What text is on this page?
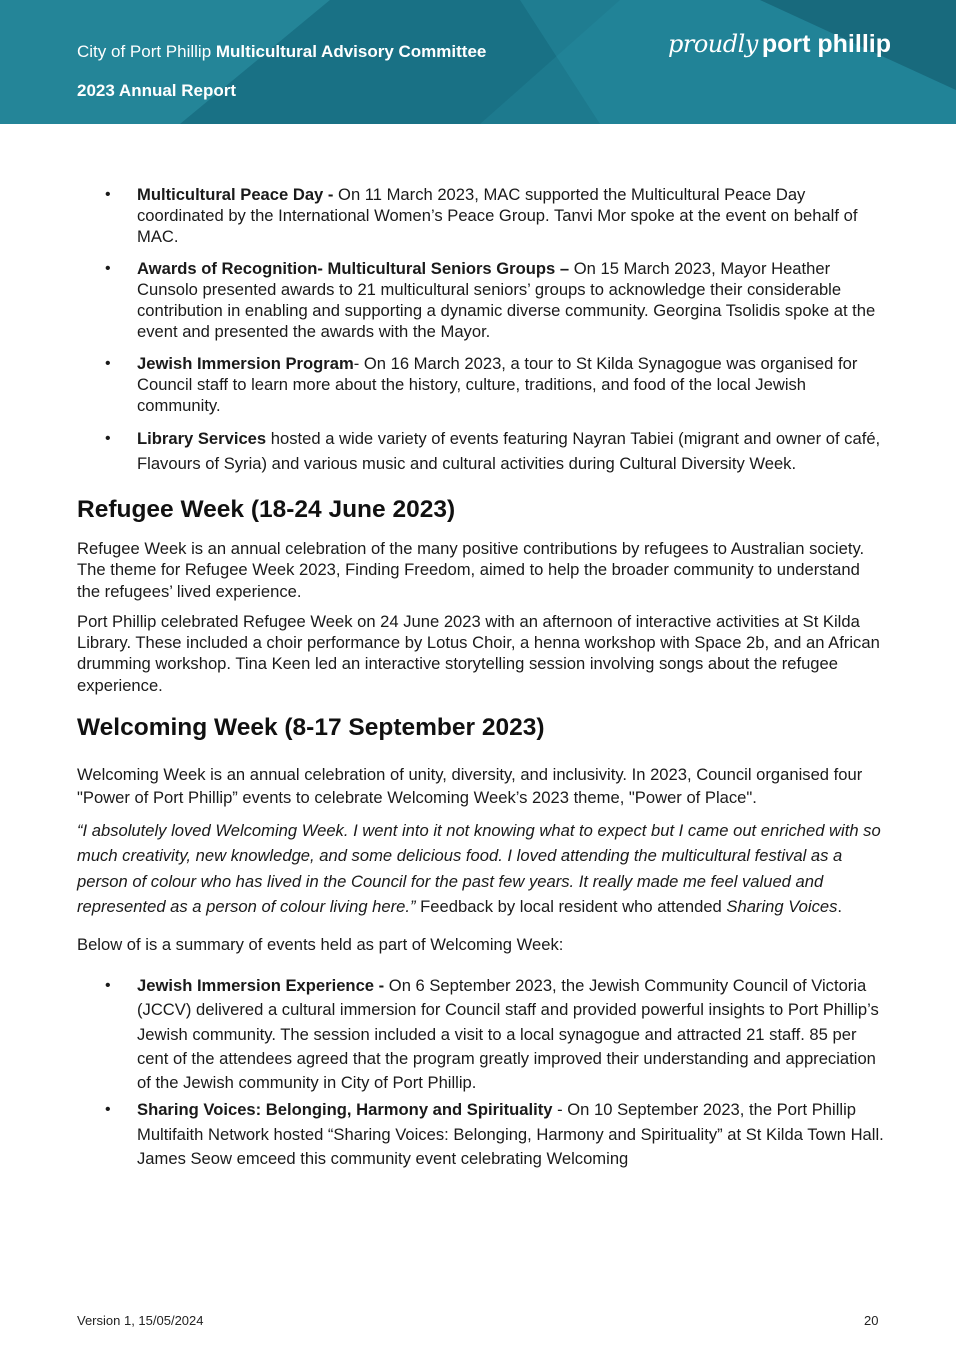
City of Port Phillip Multicultural Advisory Committee
2023 Annual Report
proudly port phillip
• Multicultural Peace Day - On 11 March 2023, MAC supported the Multicultural Peace Day coordinated by the International Women’s Peace Group. Tanvi Mor spoke at the event on behalf of MAC.
• Awards of Recognition- Multicultural Seniors Groups – On 15 March 2023, Mayor Heather Cunsolo presented awards to 21 multicultural seniors’ groups to acknowledge their considerable contribution in enabling and supporting a dynamic diverse community. Georgina Tsolidis spoke at the event and presented the awards with the Mayor.
• Jewish Immersion Program- On 16 March 2023, a tour to St Kilda Synagogue was organised for Council staff to learn more about the history, culture, traditions, and food of the local Jewish community.
• Library Services hosted a wide variety of events featuring Nayran Tabiei (migrant and owner of café, Flavours of Syria) and various music and cultural activities during Cultural Diversity Week.
Refugee Week (18-24 June 2023)

Refugee Week is an annual celebration of the many positive contributions by refugees to Australian society. The theme for Refugee Week 2023, Finding Freedom, aimed to help the broader community to understand the refugees’ lived experience.

Port Phillip celebrated Refugee Week on 24 June 2023 with an afternoon of interactive activities at St Kilda Library. These included a choir performance by Lotus Choir, a henna workshop with Space 2b, and an African drumming workshop. Tina Keen led an interactive storytelling session involving songs about the refugee experience.

Welcoming Week (8-17 September 2023)

Welcoming Week is an annual celebration of unity, diversity, and inclusivity. In 2023, Council organised four "Power of Port Phillip” events to celebrate Welcoming Week’s 2023 theme, "Power of Place".

“I absolutely loved Welcoming Week. I went into it not knowing what to expect but I came out enriched with so much creativity, new knowledge, and some delicious food. I loved attending the multicultural festival as a person of colour who has lived in the Council for the past few years. It really made me feel valued and represented as a person of colour living here.” Feedback by local resident who attended Sharing Voices.

Below of is a summary of events held as part of Welcoming Week:

• Jewish Immersion Experience - On 6 September 2023, the Jewish Community Council of Victoria (JCCV) delivered a cultural immersion for Council staff and provided powerful insights to Port Phillip’s Jewish community. The session included a visit to a local synagogue and attracted 21 staff. 85 per cent of the attendees agreed that the program greatly improved their understanding and appreciation of the Jewish community in City of Port Phillip.
• Sharing Voices: Belonging, Harmony and Spirituality - On 10 September 2023, the Port Phillip Multifaith Network hosted “Sharing Voices: Belonging, Harmony and Spirituality” at St Kilda Town Hall. James Seow emceed this community event celebrating Welcoming
Version 1, 15/05/2024	20
